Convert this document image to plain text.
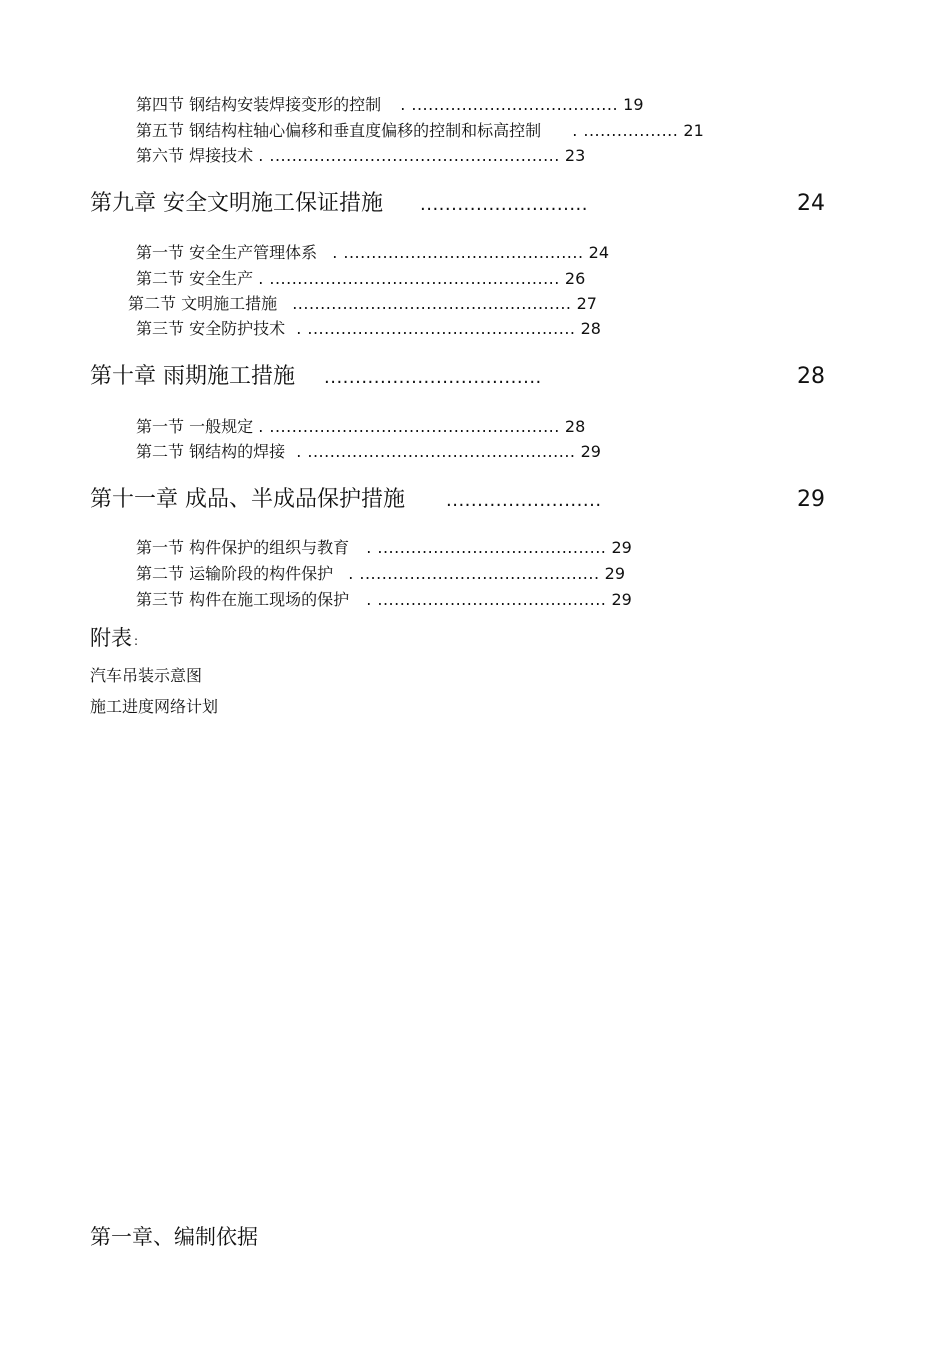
第四节 钢结构安装焊接变形的控制 . ..................................... 19
第五节 钢结构柱轴心偏移和垂直度偏移的控制和标高控制 . ................. 21
第六节 焊接技术 . .................................................... 23
第九章 安全文明施工保证措施 ...........................	24
第一节 安全生产管理体系 . ........................................... 24
第二节 安全生产 . .................................................... 26
第二节 文明施工措施 .................................................. 27
第三节 安全防护技术 . ................................................ 28
第十章 雨期施工措施 ...................................	28
第一节 一般规定 . .................................................... 28
第二节 钢结构的焊接 . ................................................ 29
第十一章 成品、半成品保护措施 .........................	29
第一节 构件保护的组织与教育 . ......................................... 29
第二节 运输阶段的构件保护 . ........................................... 29
第三节 构件在施工现场的保护 . ......................................... 29
附表 :
汽车吊装示意图
施工进度网络计划
第一章、编制依据
